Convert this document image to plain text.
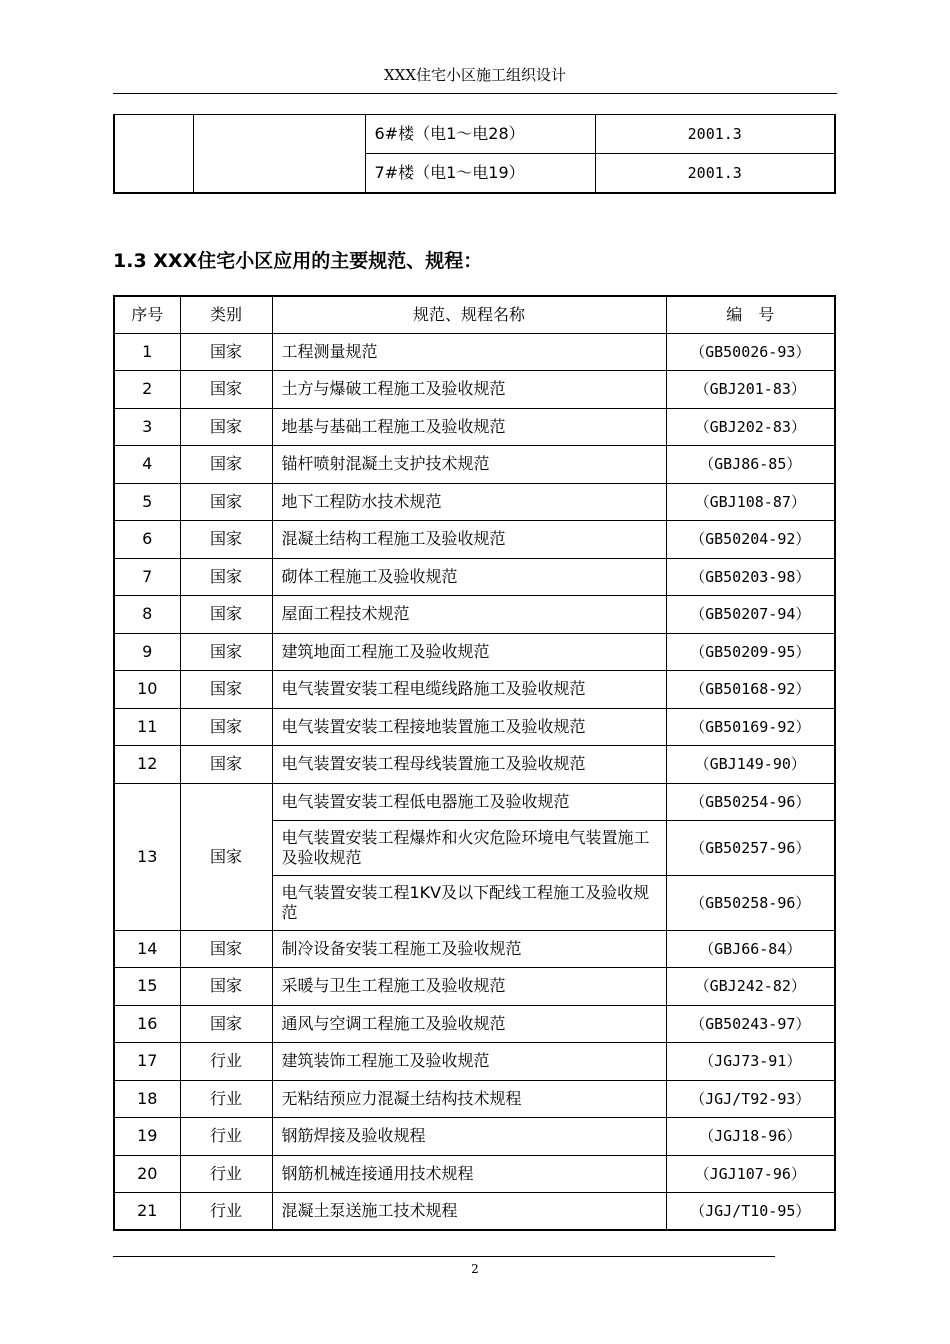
XXX住宅小区施工组织设计
		6#楼（电1～电28）	2001.3
		7#楼（电1～电19）	2001.3
1.3 XXX住宅小区应用的主要规范、规程：
序号	类别	规范、规程名称	编　号
1	国家	工程测量规范	（GB50026-93）
2	国家	土方与爆破工程施工及验收规范	（GBJ201-83）
3	国家	地基与基础工程施工及验收规范	（GBJ202-83）
4	国家	锚杆喷射混凝土支护技术规范	（GBJ86-85）
5	国家	地下工程防水技术规范	（GBJ108-87）
6	国家	混凝土结构工程施工及验收规范	（GB50204-92）
7	国家	砌体工程施工及验收规范	（GB50203-98）
8	国家	屋面工程技术规范	（GB50207-94）
9	国家	建筑地面工程施工及验收规范	（GB50209-95）
10	国家	电气装置安装工程电缆线路施工及验收规范	（GB50168-92）
11	国家	电气装置安装工程接地装置施工及验收规范	（GB50169-92）
12	国家	电气装置安装工程母线装置施工及验收规范	（GBJ149-90）
13	国家	电气装置安装工程低电器施工及验收规范	（GB50254-96）
		电气装置安装工程爆炸和火灾危险环境电气装置施工及验收规范	（GB50257-96）
		电气装置安装工程1KV及以下配线工程施工及验收规范	（GB50258-96）
14	国家	制冷设备安装工程施工及验收规范	（GBJ66-84）
15	国家	采暖与卫生工程施工及验收规范	（GBJ242-82）
16	国家	通风与空调工程施工及验收规范	（GB50243-97）
17	行业	建筑装饰工程施工及验收规范	（JGJ73-91）
18	行业	无粘结预应力混凝土结构技术规程	（JGJ/T92-93）
19	行业	钢筋焊接及验收规程	（JGJ18-96）
20	行业	钢筋机械连接通用技术规程	（JGJ107-96）
21	行业	混凝土泵送施工技术规程	（JGJ/T10-95）
2
